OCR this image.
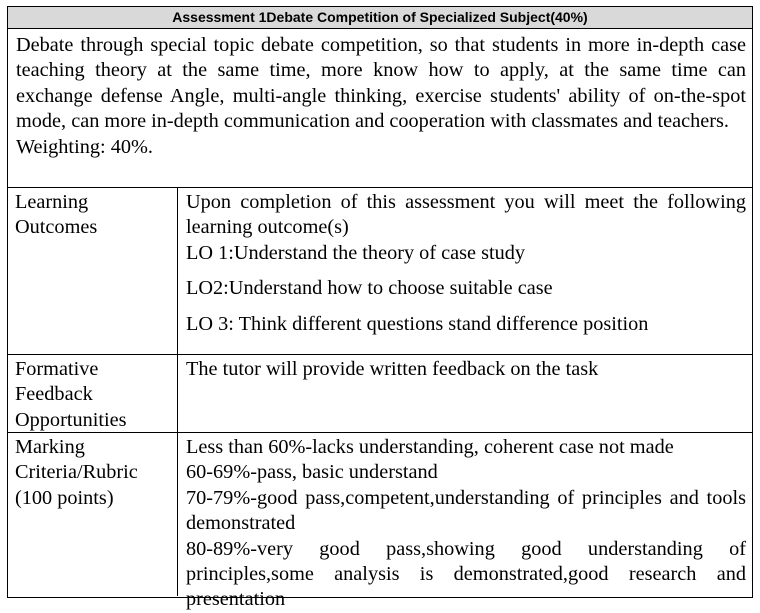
Assessment 1Debate Competition of Specialized Subject(40%)
Debate through special topic debate competition, so that students in more in-depth case teaching theory at the same time, more know how to apply, at the same time can exchange defense Angle, multi-angle thinking, exercise students' ability of on-the-spot mode, can more in-depth communication and cooperation with classmates and teachers.
Weighting: 40%.
Learning
Outcomes
Upon completion of this assessment you will meet the following learning outcome(s)
LO 1:Understand the theory of case study
LO2:Understand how to choose suitable case
LO 3: Think different questions stand difference position
Formative
Feedback
Opportunities
The tutor will provide written feedback on the task
Marking
Criteria/Rubric
(100 points)
Less than 60%-lacks understanding, coherent case not made
60-69%-pass, basic understand
70-79%-good pass,competent,understanding of principles and tools demonstrated
80-89%-very good pass,showing good understanding of principles,some analysis is demonstrated,good research and presentation
